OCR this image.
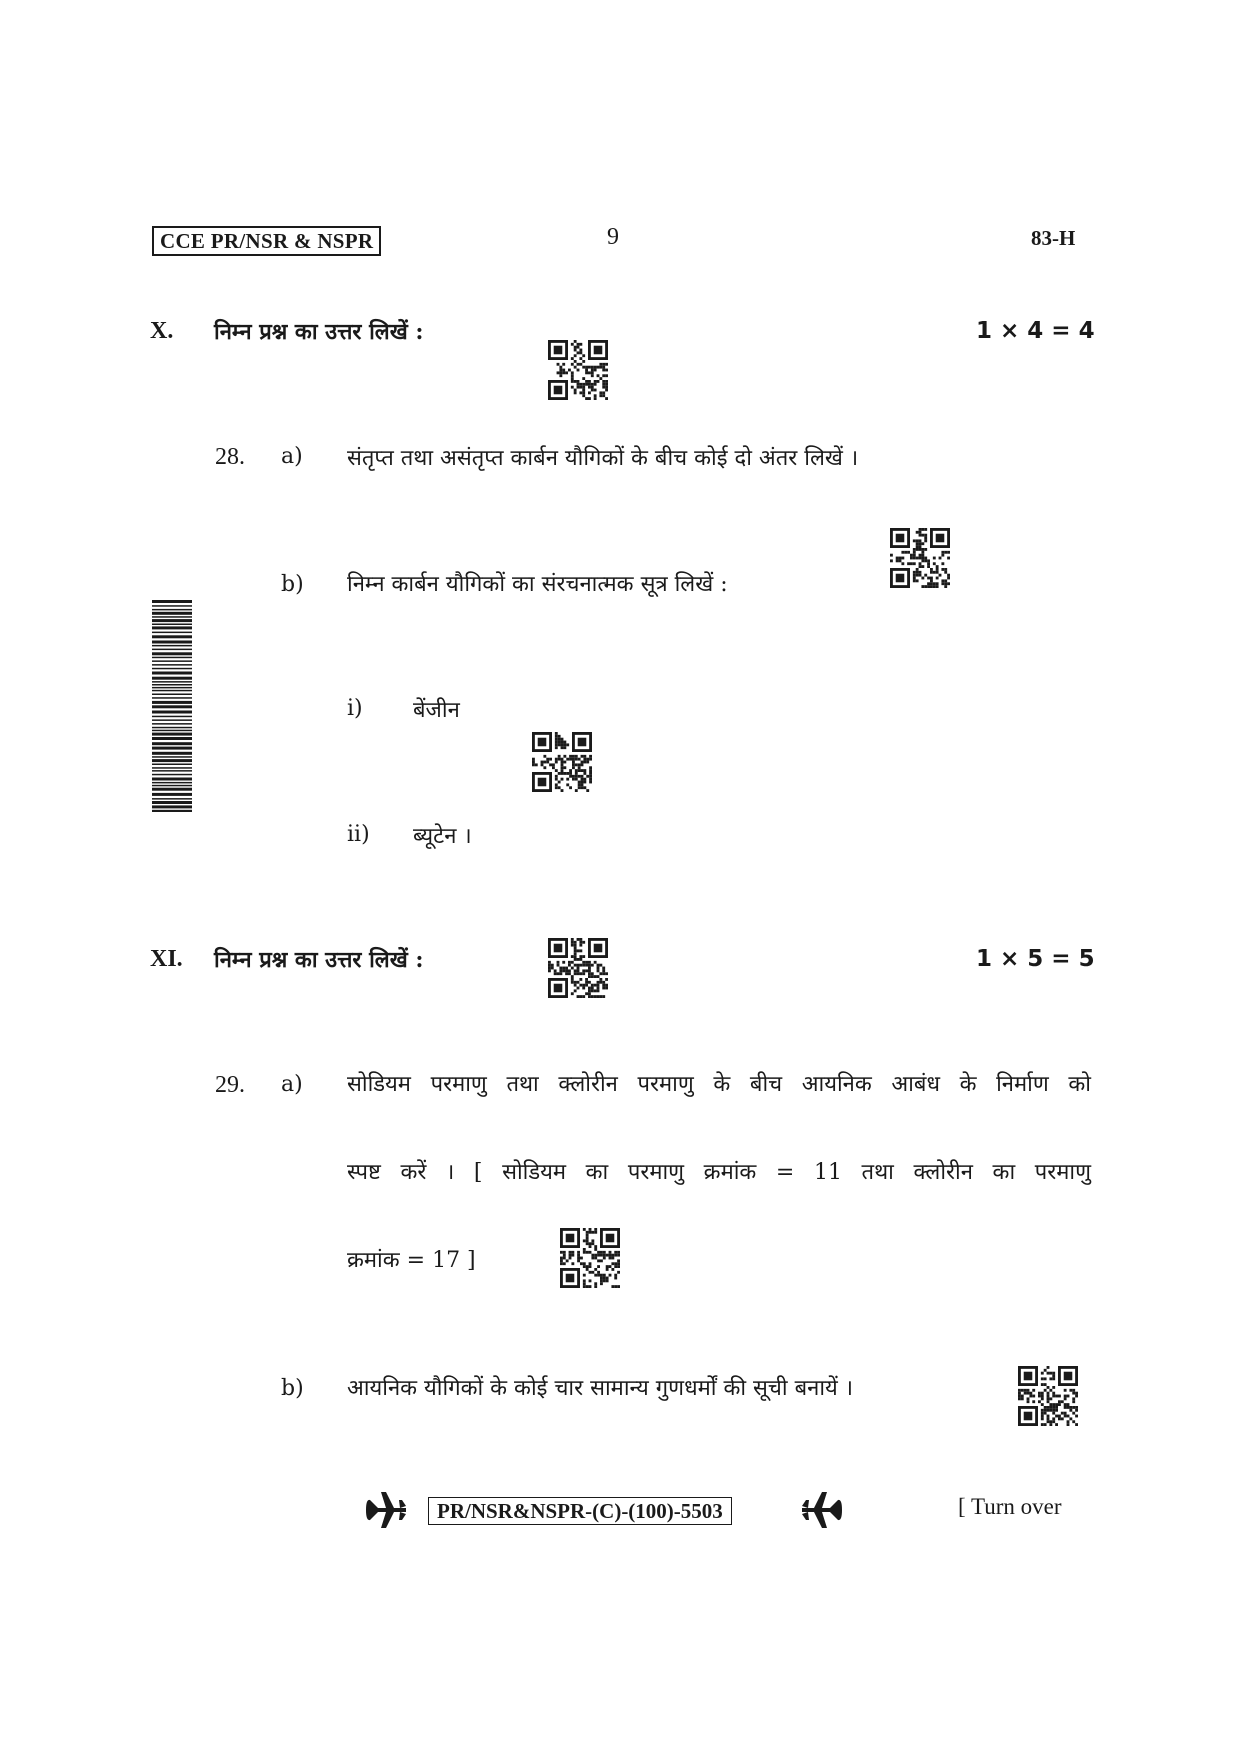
CCE PR/NSR & NSPR	9	83-H
X. निम्न प्रश्न का उत्तर लिखें :	1 × 4 = 4
28. a) संतृप्त तथा असंतृप्त कार्बन यौगिकों के बीच कोई दो अंतर लिखें ।
b) निम्न कार्बन यौगिकों का संरचनात्मक सूत्र लिखें :
i) बेंजीन
ii) ब्यूटेन ।
XI. निम्न प्रश्न का उत्तर लिखें :	1 × 5 = 5
29. a) सोडियम परमाणु तथा क्लोरीन परमाणु के बीच आयनिक आबंध के निर्माण को
स्पष्ट करें । [ सोडियम का परमाणु क्रमांक = 11 तथा क्लोरीन का परमाणु
क्रमांक = 17 ]
b) आयनिक यौगिकों के कोई चार सामान्य गुणधर्मों की सूची बनायें ।
PR/NSR&NSPR-(C)-(100)-5503	[ Turn over
